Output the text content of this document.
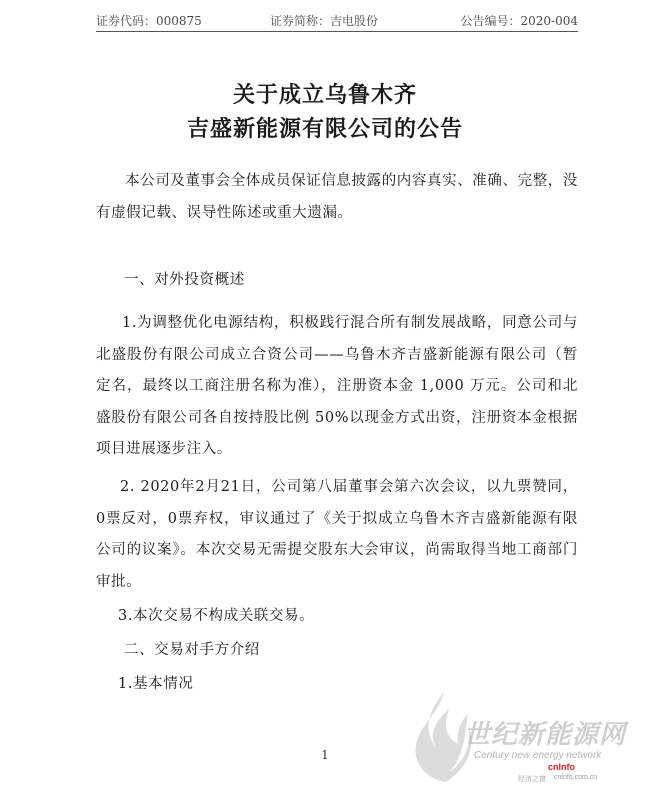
证券代码：000875	证券简称：吉电股份	公告编号：2020-004
关于成立乌鲁木齐
吉盛新能源有限公司的公告

本公司及董事会全体成员保证信息披露的内容真实、准确、完整，没有虚假记载、误导性陈述或重大遗漏。

一、对外投资概述

1.为调整优化电源结构，积极践行混合所有制发展战略，同意公司与北盛股份有限公司成立合资公司——乌鲁木齐吉盛新能源有限公司（暂定名，最终以工商注册名称为准），注册资本金 1,000 万元。公司和北盛股份有限公司各自按持股比例 50%以现金方式出资，注册资本金根据项目进展逐步注入。

2. 2020年2月21日，公司第八届董事会第六次会议，以九票赞同，0票反对，0票弃权，审议通过了《关于拟成立乌鲁木齐吉盛新能源有限公司的议案》。本次交易无需提交股东大会审议，尚需取得当地工商部门审批。

3.本次交易不构成关联交易。
二、交易对手方介绍
1.基本情况
1
世纪新能源网
Century new energy network
cnlnfo
经济之窗 cnlnfo.com.cn
